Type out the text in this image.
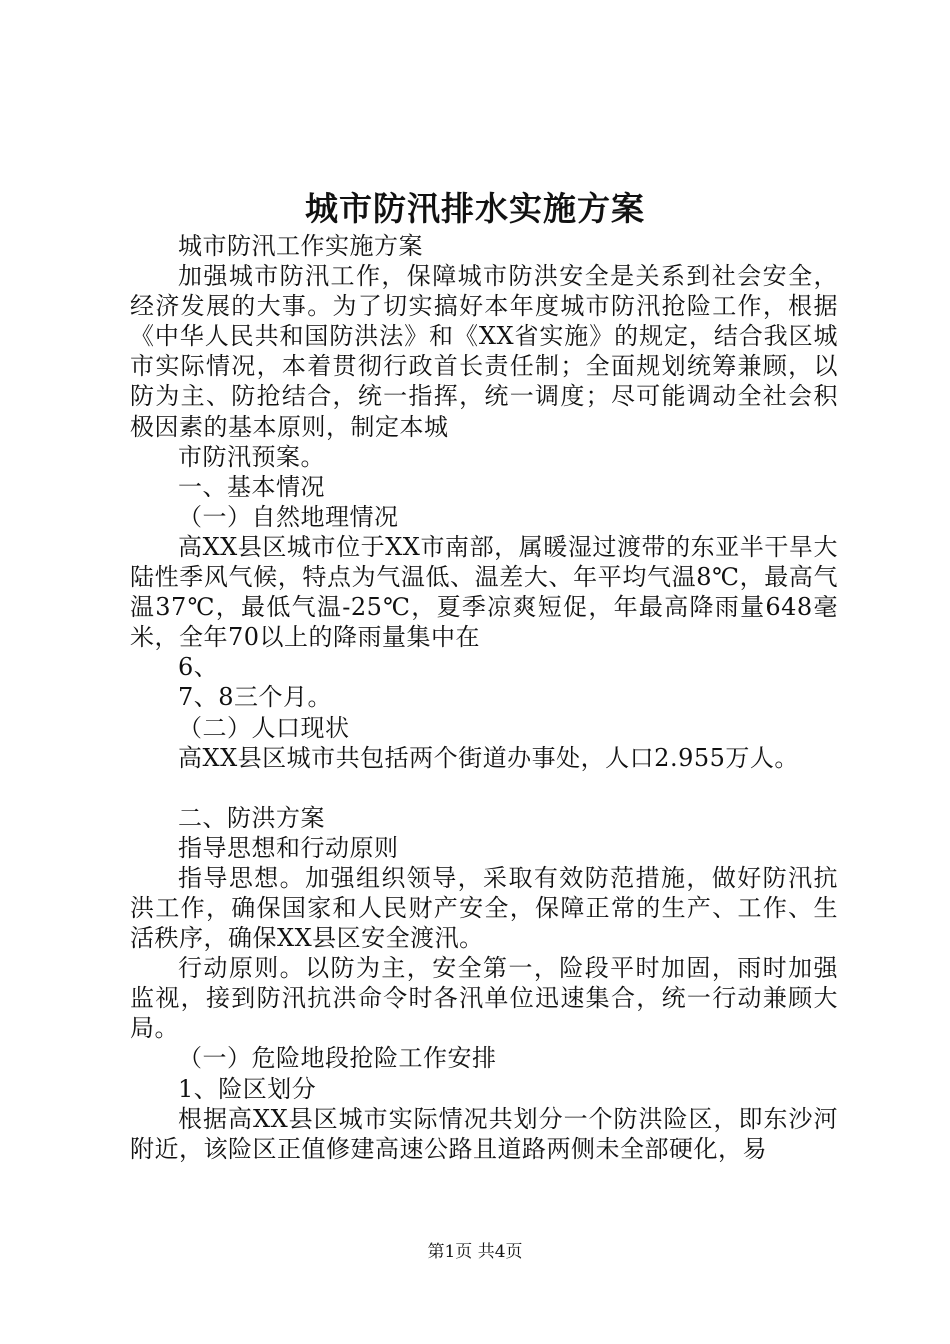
城市防汛排水实施方案

城市防汛工作实施方案

加强城市防汛工作，保障城市防洪安全是关系到社会安全，经济发展的大事。为了切实搞好本年度城市防汛抢险工作，根据《中华人民共和国防洪法》和《XX省实施》的规定，结合我区城市实际情况，本着贯彻行政首长责任制；全面规划统筹兼顾，以防为主、防抢结合，统一指挥，统一调度；尽可能调动全社会积极因素的基本原则，制定本城

市防汛预案。

一、基本情况

（一）自然地理情况

高XX县区城市位于XX市南部，属暖湿过渡带的东亚半干旱大陆性季风气候，特点为气温低、温差大、年平均气温8℃，最高气温37℃，最低气温-25℃，夏季凉爽短促，年最高降雨量648毫米，全年70以上的降雨量集中在

6、

7、8三个月。

（二）人口现状

高XX县区城市共包括两个街道办事处，人口2.955万人。

二、防洪方案

指导思想和行动原则

指导思想。加强组织领导，采取有效防范措施，做好防汛抗洪工作，确保国家和人民财产安全，保障正常的生产、工作、生活秩序，确保XX县区安全渡汛。

行动原则。以防为主，安全第一，险段平时加固，雨时加强监视，接到防汛抗洪命令时各汛单位迅速集合，统一行动兼顾大局。

（一）危险地段抢险工作安排

1、险区划分

根据高XX县区城市实际情况共划分一个防洪险区，即东沙河附近，该险区正值修建高速公路且道路两侧未全部硬化，易

第1页 共4页
